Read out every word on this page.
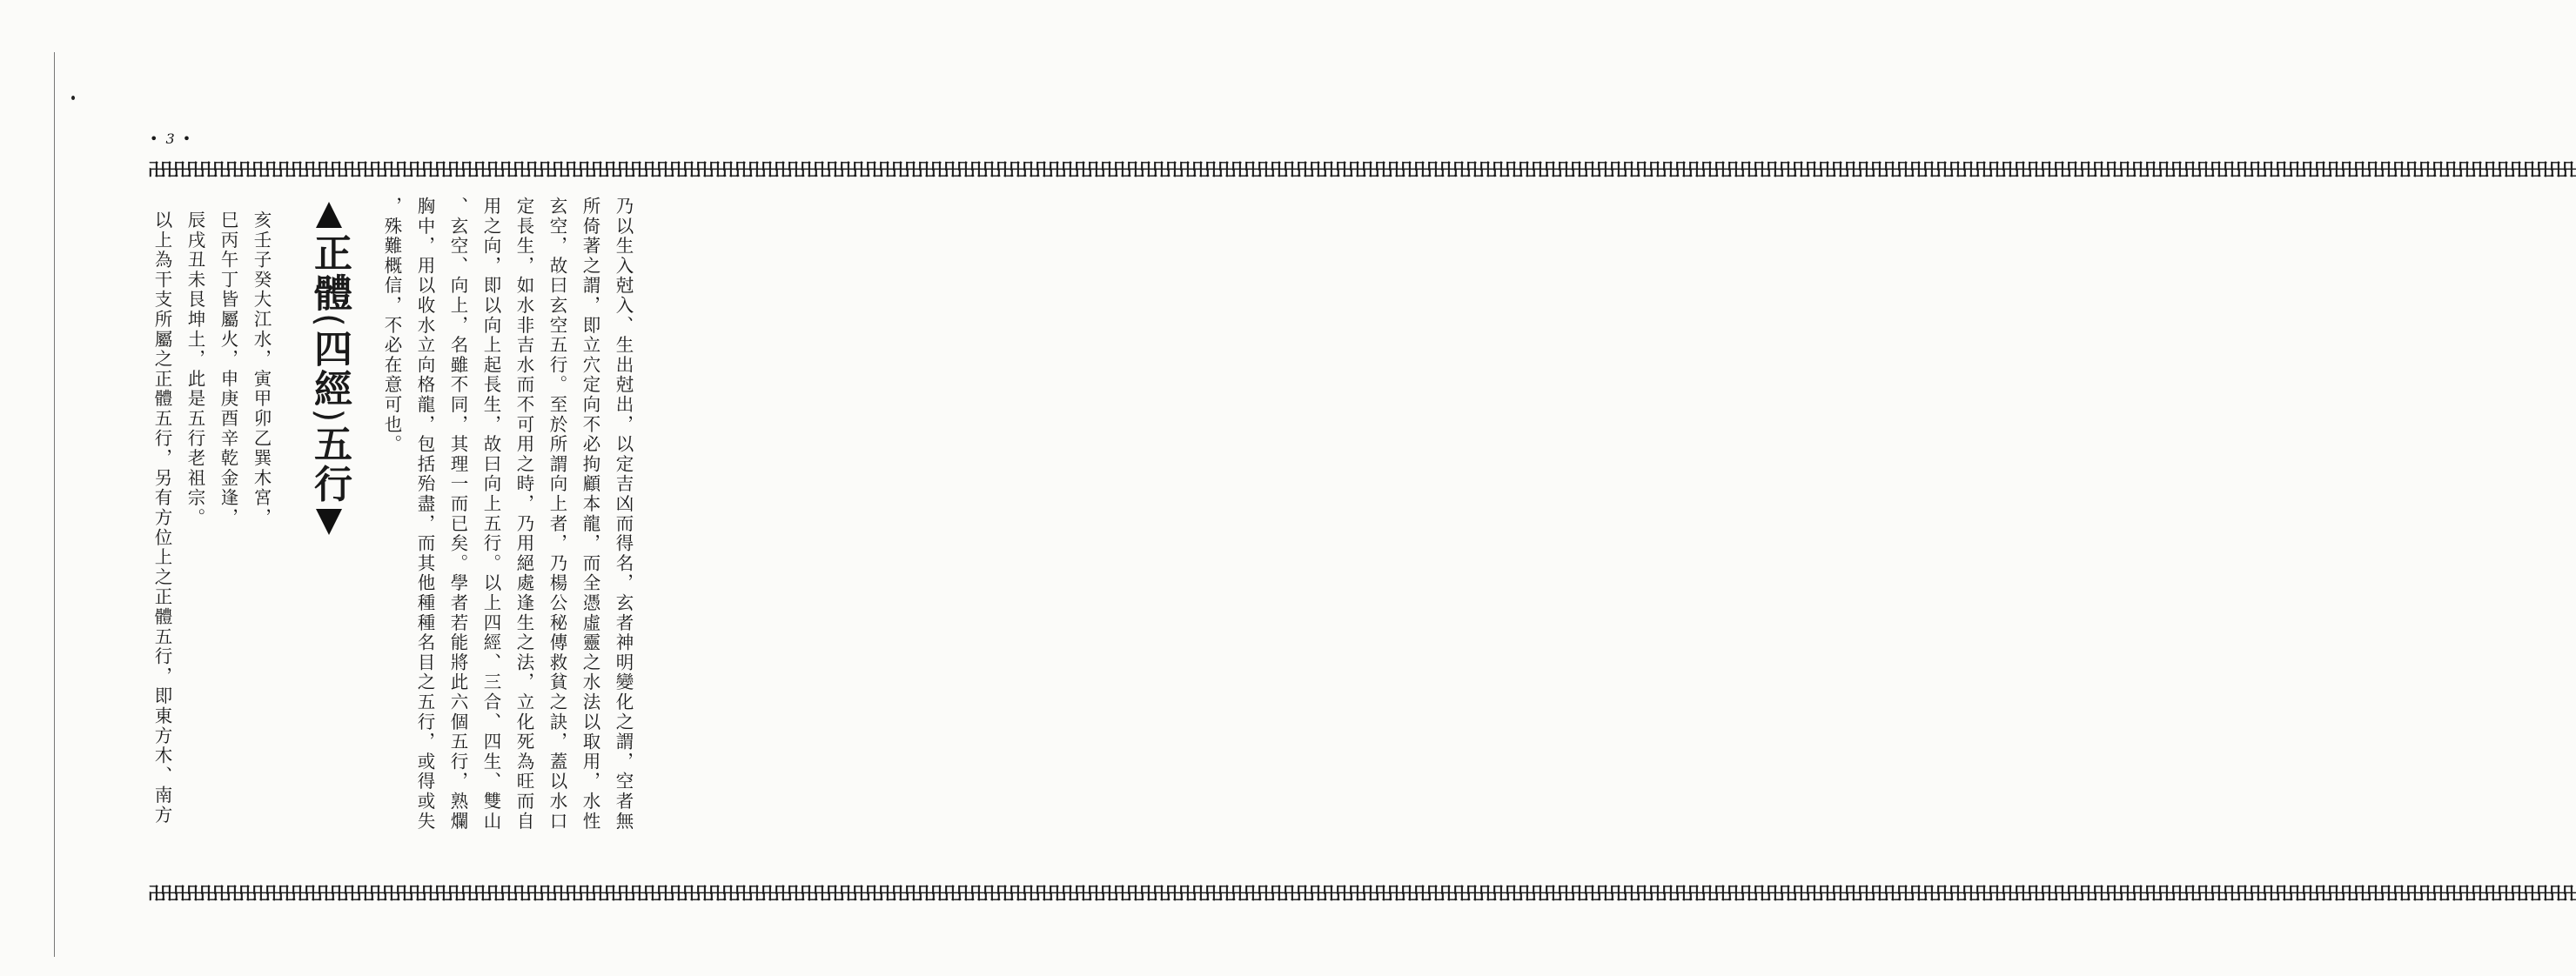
• 3 •
卍卍卍卍卍卍卍卍卍卍卍卍卍卍卍卍卍卍卍卍卍卍卍卍卍卍卍卍卍卍卍卍卍卍卍卍卍卍卍卍卍卍卍卍卍卍卍卍卍卍卍卍卍卍卍卍卍卍卍卍卍卍卍卍卍卍卍卍卍卍卍卍卍卍卍卍卍卍卍卍卍卍卍卍卍卍卍卍卍卍卍卍卍卍卍卍卍卍卍卍卍卍卍卍卍卍卍卍卍卍卍卍卍卍卍卍卍卍卍卍卍卍卍卍卍卍卍卍卍卍卍卍卍卍卍卍卍卍卍卍卍卍卍卍卍卍卍卍卍卍卍卍卍卍卍卍卍卍卍卍卍卍卍卍卍卍卍卍卍卍卍卍卍卍卍卍卍卍卍卍卍卍卍卍卍卍
卍卍卍卍卍卍卍卍卍卍卍卍卍卍卍卍卍卍卍卍卍卍卍卍卍卍卍卍卍卍卍卍卍卍卍卍卍卍卍卍卍卍卍卍卍卍卍卍卍卍卍卍卍卍卍卍卍卍卍卍卍卍卍卍卍卍卍卍卍卍卍卍卍卍卍卍卍卍卍卍卍卍卍卍卍卍卍卍卍卍卍卍卍卍卍卍卍卍卍卍卍卍卍卍卍卍卍卍卍卍卍卍卍卍卍卍卍卍卍卍卍卍卍卍卍卍卍卍卍卍卍卍卍卍卍卍卍卍卍卍卍卍卍卍卍卍卍卍卍卍卍卍卍卍卍卍卍卍卍卍卍卍卍卍卍卍卍卍卍卍卍卍卍卍卍卍卍卍卍卍卍卍卍卍卍卍
乃以生入尅入、生出尅出，以定吉凶而得名，玄者神明變化之謂，空者無
所倚著之謂，即立穴定向不必拘顧本龍，而全憑虛靈之水法以取用，水性
玄空，故曰玄空五行。至於所謂向上者，乃楊公秘傳救貧之訣，蓋以水口
定長生，如水非吉水而不可用之時，乃用絕處逢生之法，立化死為旺而自
用之向，即以向上起長生，故曰向上五行。以上四經、三合、四生、雙山
、玄空、向上，名雖不同，其理一而已矣。學者若能將此六個五行，熟爛
胸中，用以收水立向格龍，包括殆盡，而其他種種名目之五行，或得或失
，殊難概信，不必在意可也。
正體(四經)五行
亥壬子癸大江水，寅甲卯乙巽木宮，
巳丙午丁皆屬火，申庚酉辛乾金逢，
辰戌丑未艮坤土，此是五行老祖宗。
以上為干支所屬之正體五行，另有方位上之正體五行，即東方木、南方
